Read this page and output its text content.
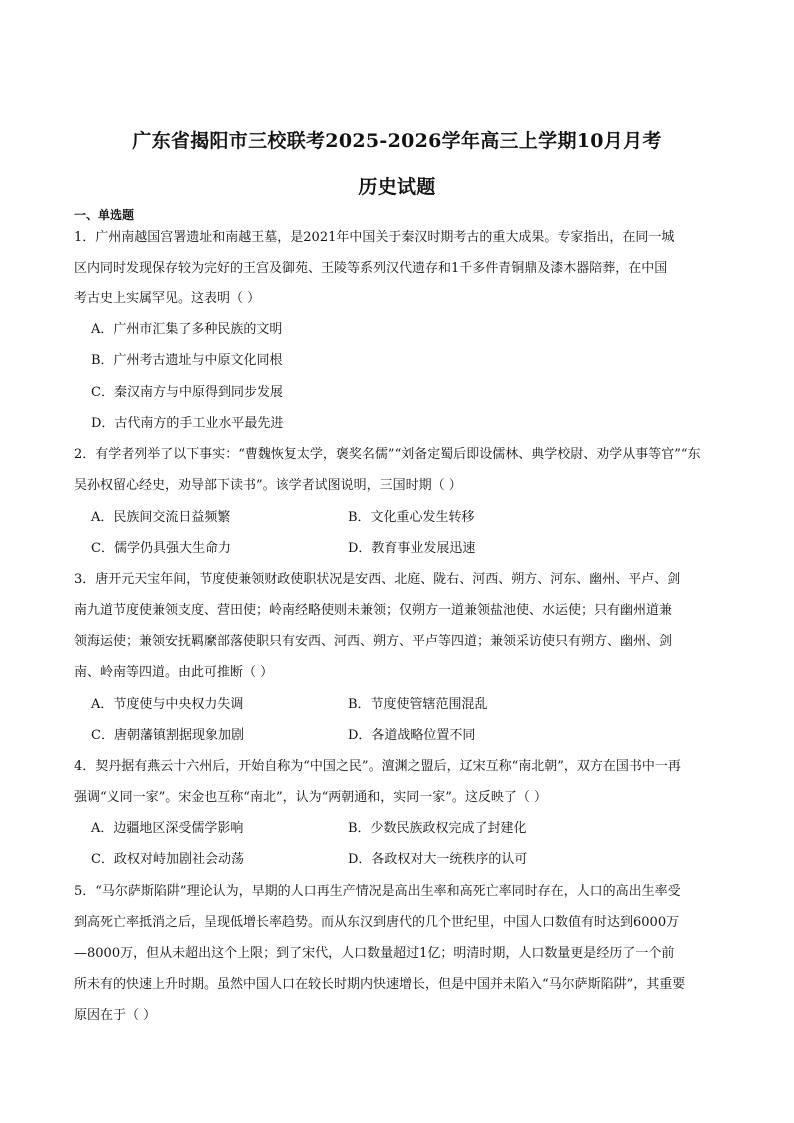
广东省揭阳市三校联考2025-2026学年高三上学期10月月考
历史试题
一、单选题
1．广州南越国宫署遗址和南越王墓，是2021年中国关于秦汉时期考古的重大成果。专家指出，在同一城
区内同时发现保存较为完好的王宫及御苑、王陵等系列汉代遗存和1千多件青铜鼎及漆木器陪葬，在中国
考古史上实属罕见。这表明（ ）
A．广州市汇集了多种民族的文明
B．广州考古遗址与中原文化同根
C．秦汉南方与中原得到同步发展
D．古代南方的手工业水平最先进
2．有学者列举了以下事实：“曹魏恢复太学，褒奖名儒”“刘备定蜀后即设儒林、典学校尉、劝学从事等官”“东
吴孙权留心经史，劝导部下读书”。该学者试图说明，三国时期（ ）
A．民族间交流日益频繁	B．文化重心发生转移
C．儒学仍具强大生命力	D．教育事业发展迅速
3．唐开元天宝年间，节度使兼领财政使职状况是安西、北庭、陇右、河西、朔方、河东、幽州、平卢、剑
南九道节度使兼领支度、营田使；岭南经略使则未兼领；仅朔方一道兼领盐池使、水运使；只有幽州道兼
领海运使；兼领安抚羁縻部落使职只有安西、河西、朔方、平卢等四道；兼领采访使只有朔方、幽州、剑
南、岭南等四道。由此可推断（ ）
A．节度使与中央权力失调	B．节度使管辖范围混乱
C．唐朝藩镇割据现象加剧	D．各道战略位置不同
4．契丹据有燕云十六州后，开始自称为“中国之民”。澶渊之盟后，辽宋互称“南北朝”，双方在国书中一再
强调“义同一家”。宋金也互称“南北”，认为“两朝通和，实同一家”。这反映了（ ）
A．边疆地区深受儒学影响	B．少数民族政权完成了封建化
C．政权对峙加剧社会动荡	D．各政权对大一统秩序的认可
5．“马尔萨斯陷阱”理论认为，早期的人口再生产情况是高出生率和高死亡率同时存在，人口的高出生率受
到高死亡率抵消之后，呈现低增长率趋势。而从东汉到唐代的几个世纪里，中国人口数值有时达到6000万
—8000万，但从未超出这个上限；到了宋代，人口数量超过1亿；明清时期，人口数量更是经历了一个前
所未有的快速上升时期。虽然中国人口在较长时期内快速增长，但是中国并未陷入“马尔萨斯陷阱”，其重要
原因在于（ ）
